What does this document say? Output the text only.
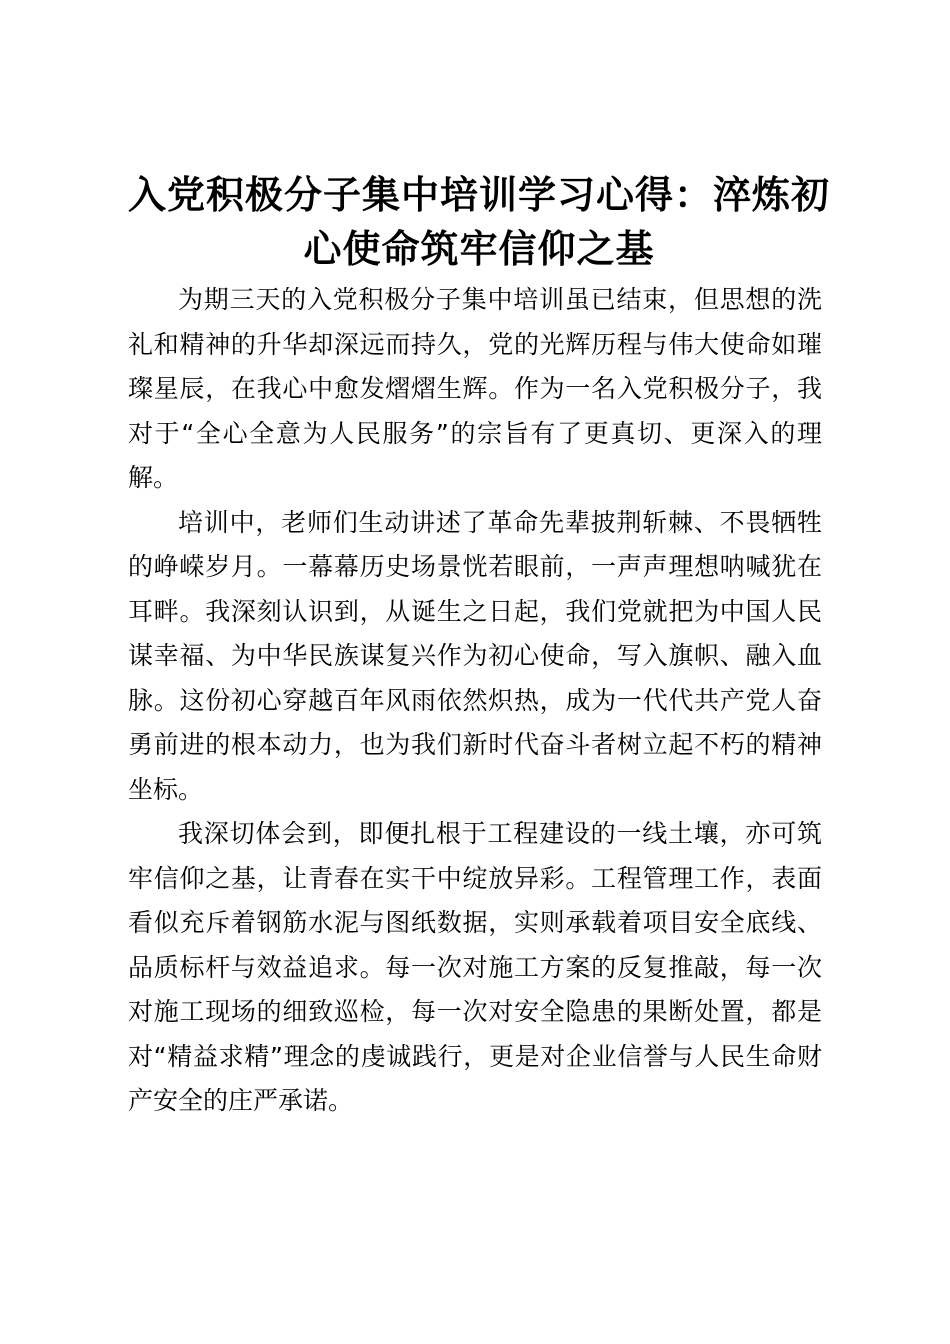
入党积极分子集中培训学习心得：淬炼初心使命筑牢信仰之基

为期三天的入党积极分子集中培训虽已结束，但思想的洗礼和精神的升华却深远而持久，党的光辉历程与伟大使命如璀璨星辰，在我心中愈发熠熠生辉。作为一名入党积极分子，我对于“全心全意为人民服务”的宗旨有了更真切、更深入的理解。

培训中，老师们生动讲述了革命先辈披荆斩棘、不畏牺牲的峥嵘岁月。一幕幕历史场景恍若眼前，一声声理想呐喊犹在耳畔。我深刻认识到，从诞生之日起，我们党就把为中国人民谋幸福、为中华民族谋复兴作为初心使命，写入旗帜、融入血脉。这份初心穿越百年风雨依然炽热，成为一代代共产党人奋勇前进的根本动力，也为我们新时代奋斗者树立起不朽的精神坐标。

我深切体会到，即便扎根于工程建设的一线土壤，亦可筑牢信仰之基，让青春在实干中绽放异彩。工程管理工作，表面看似充斥着钢筋水泥与图纸数据，实则承载着项目安全底线、品质标杆与效益追求。每一次对施工方案的反复推敲，每一次对施工现场的细致巡检，每一次对安全隐患的果断处置，都是对“精益求精”理念的虔诚践行，更是对企业信誉与人民生命财产安全的庄严承诺。
